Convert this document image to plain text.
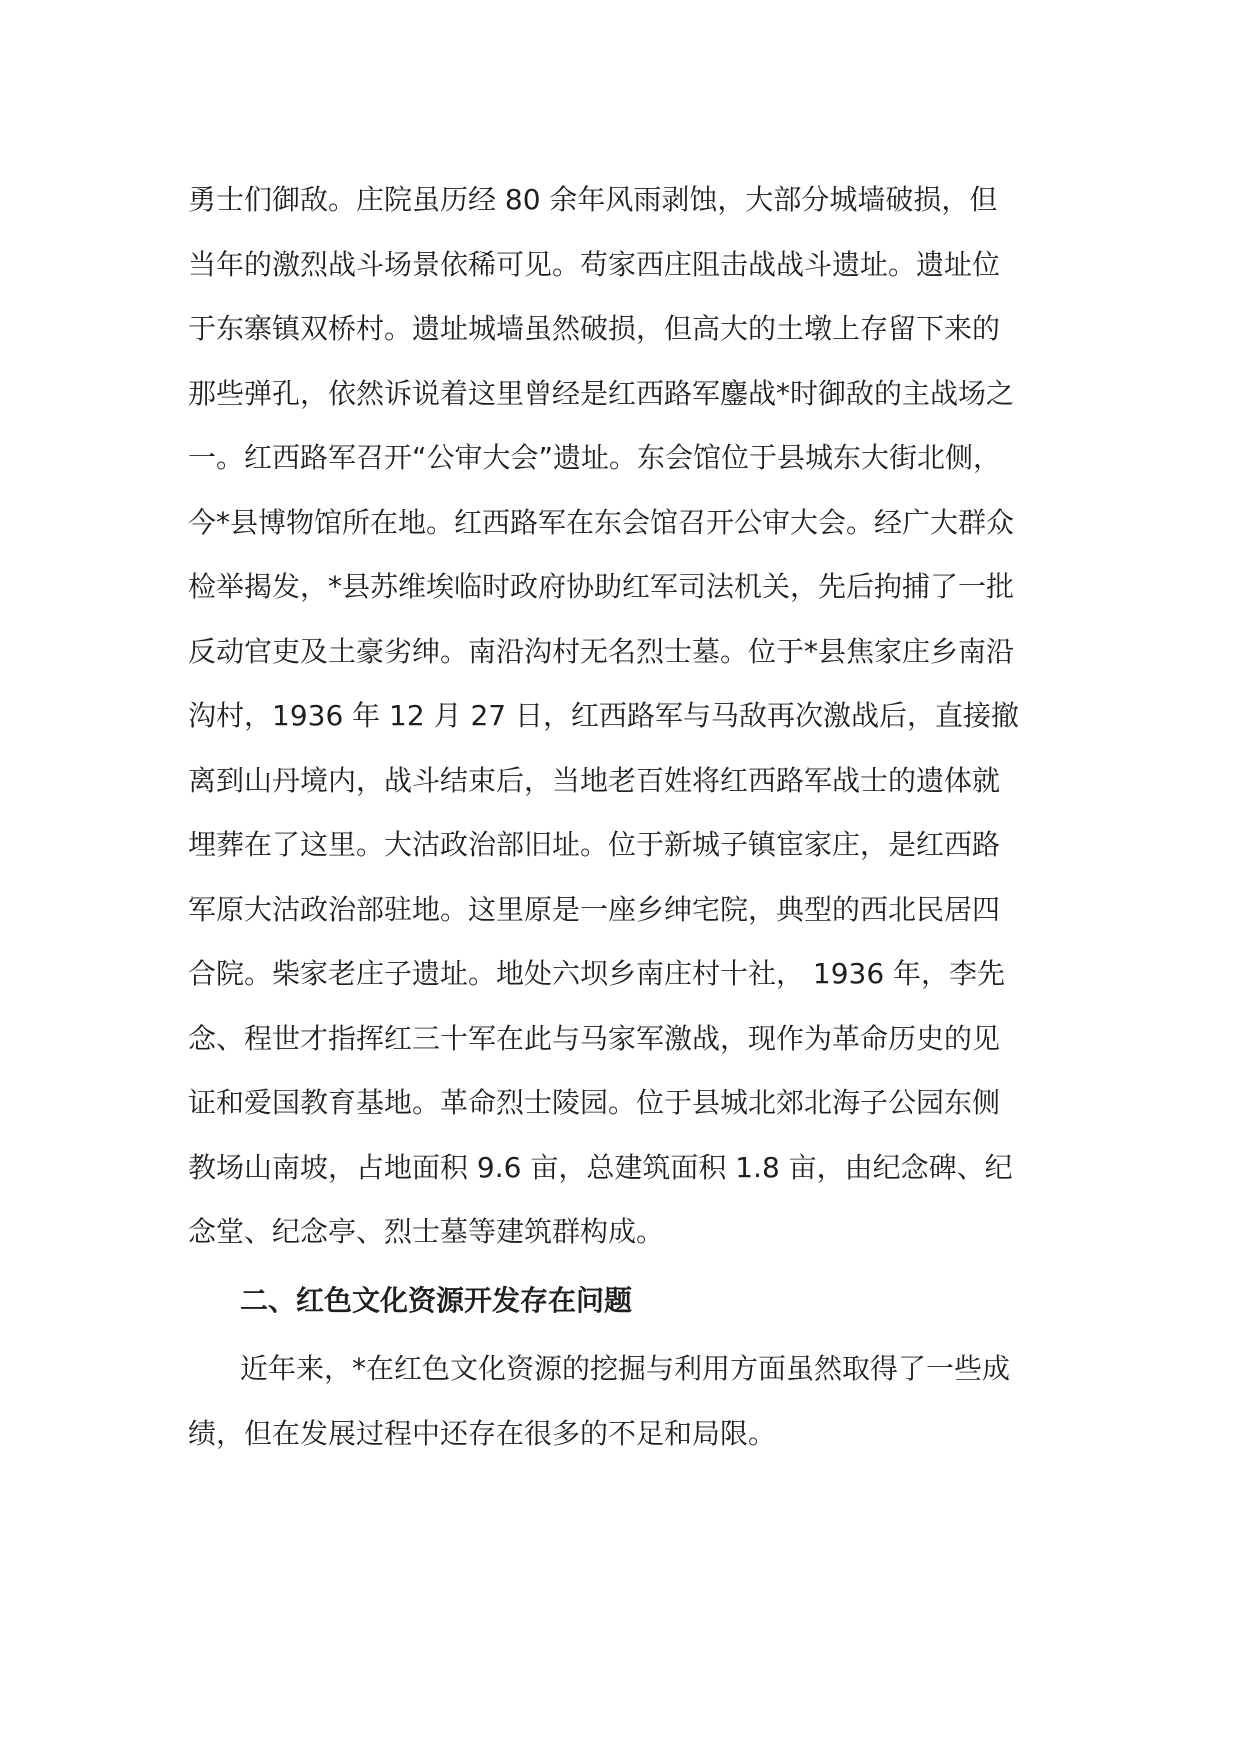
勇士们御敌。庄院虽历经 80 余年风雨剥蚀，大部分城墙破损，但
当年的激烈战斗场景依稀可见。苟家西庄阻击战战斗遗址。遗址位
于东寨镇双桥村。遗址城墙虽然破损，但高大的土墩上存留下来的
那些弹孔，依然诉说着这里曾经是红西路军鏖战*时御敌的主战场之
一。红西路军召开“公审大会”遗址。东会馆位于县城东大街北侧，
今*县博物馆所在地。红西路军在东会馆召开公审大会。经广大群众
检举揭发，*县苏维埃临时政府协助红军司法机关，先后拘捕了一批
反动官吏及土豪劣绅。南沿沟村无名烈士墓。位于*县焦家庄乡南沿
沟村，1936 年 12 月 27 日，红西路军与马敌再次激战后，直接撤
离到山丹境内，战斗结束后，当地老百姓将红西路军战士的遗体就
埋葬在了这里。大沽政治部旧址。位于新城子镇宦家庄，是红西路
军原大沽政治部驻地。这里原是一座乡绅宅院，典型的西北民居四
合院。柴家老庄子遗址。地处六坝乡南庄村十社， 1936 年，李先
念、程世才指挥红三十军在此与马家军激战，现作为革命历史的见
证和爱国教育基地。革命烈士陵园。位于县城北郊北海子公园东侧
教场山南坡，占地面积 9.6 亩，总建筑面积 1.8 亩，由纪念碑、纪
念堂、纪念亭、烈士墓等建筑群构成。

二、红色文化资源开发存在问题

近年来，*在红色文化资源的挖掘与利用方面虽然取得了一些成
绩，但在发展过程中还存在很多的不足和局限。
